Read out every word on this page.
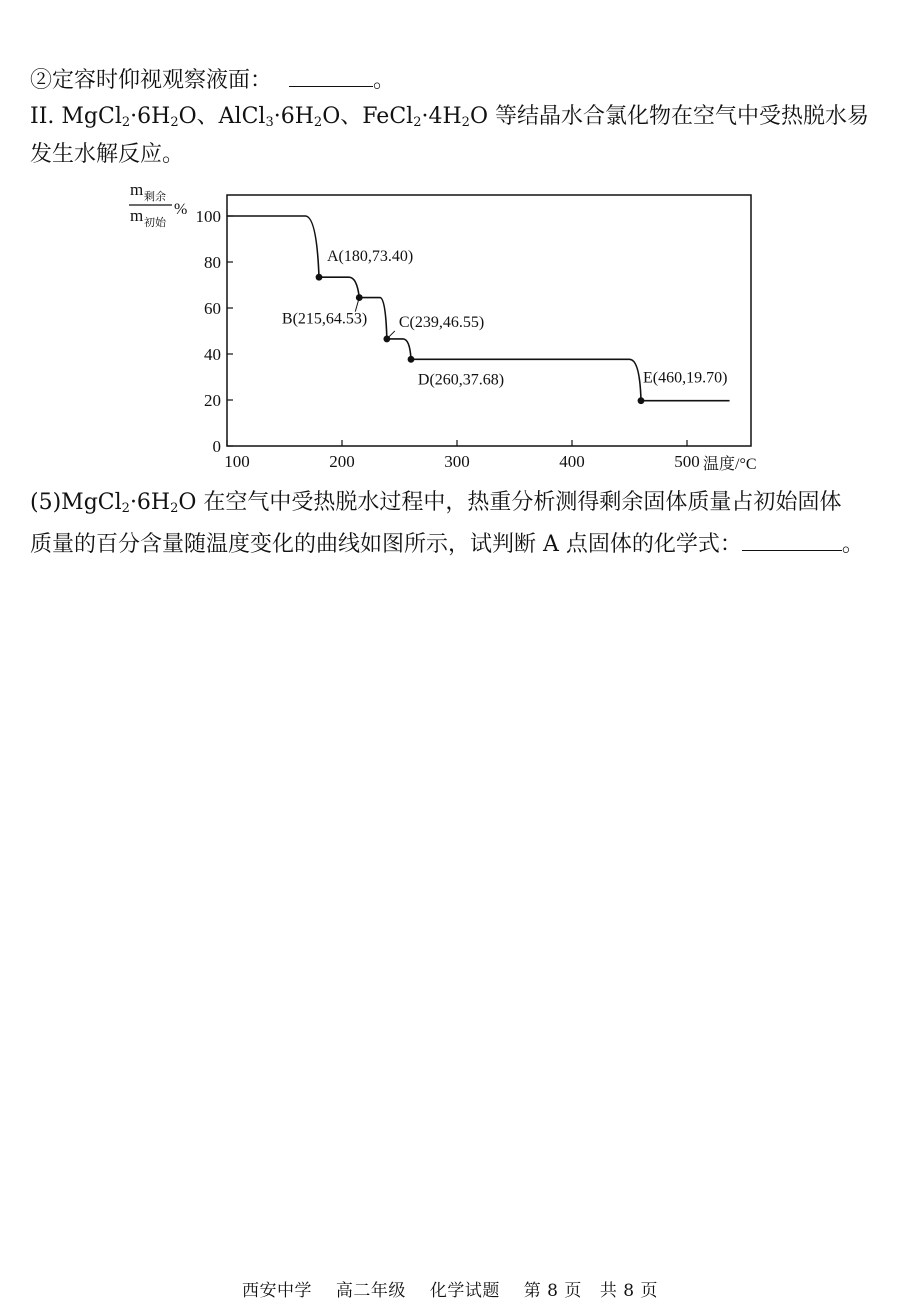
②定容时仰视观察液面：	。
II. $MgCl_2\cdot 6H_2O$、$AlCl_3\cdot 6H_2O$、$FeCl_2\cdot 4H_2O$ 等结晶水合氯化物在空气中受热脱水易
发生水解反应。
m 剩余
m 初始
%
0
20
40
60
80
100
100	200	300	400	500 温度/°C
A(180,73.40)
B(215,64.53) C(239,46.55)
D(260,37.68)	E(460,19.70)
$(5)MgCl_2\cdot 6H_2O$ 在空气中受热脱水过程中，热重分析测得剩余固体质量占初始固体
质量的百分含量随温度变化的曲线如图所示，试判断 A 点固体的化学式：	。
西安中学 高二年级 化学试题 第 8 页 共 8 页
